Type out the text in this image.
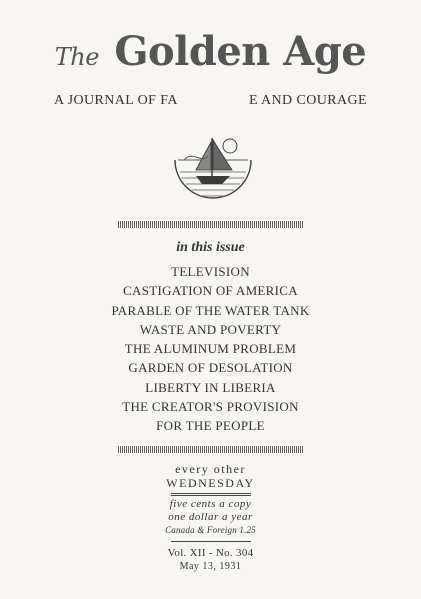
The Golden Age
A JOURNAL OF FA	E AND COURAGE
in this issue
TELEVISION
CASTIGATION OF AMERICA
PARABLE OF THE WATER TANK
WASTE AND POVERTY
THE ALUMINUM PROBLEM
GARDEN OF DESOLATION
LIBERTY IN LIBERIA
THE CREATOR'S PROVISION
FOR THE PEOPLE
every other
WEDNESDAY
five cents a copy
one dollar a year
Canada & Foreign 1.25
Vol. XII - No. 304
May 13, 1931
